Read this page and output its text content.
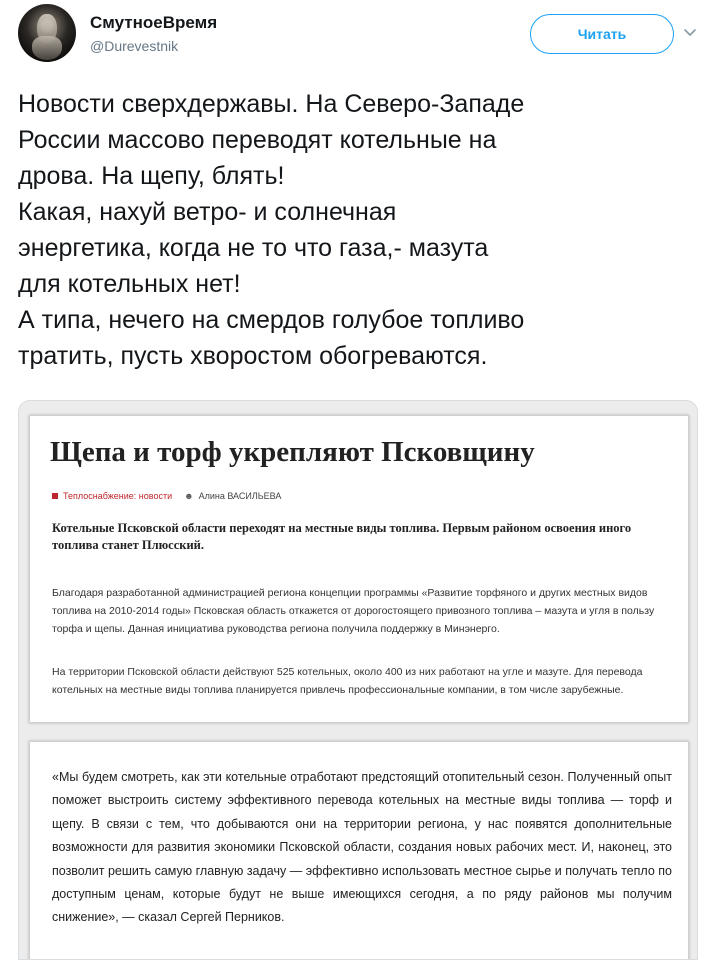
СмутноеВремя
@Durevestnik
Читать
Новости сверхдержавы. На Северо-Западе
России массово переводят котельные на
дрова. На щепу, блять!
Какая, нахуй ветро- и солнечная
энергетика, когда не то что газа,- мазута
для котельных нет!
А типа, нечего на смердов голубое топливо
тратить, пусть хворостом обогреваются.
Щепа и торф укрепляют Псковщину
Теплоснабжение: новости ☻ Алина ВАСИЛЬЕВА
Котельные Псковской области переходят на местные виды топлива. Первым районом освоения иного топлива станет Плюсский.
Благодаря разработанной администрацией региона концепции программы «Развитие торфяного и других местных видов топлива на 2010-2014 годы» Псковская область откажется от дорогостоящего привозного топлива – мазута и угля в пользу торфа и щепы. Данная инициатива руководства региона получила поддержку в Минэнерго.
На территории Псковской области действуют 525 котельных, около 400 из них работают на угле и мазуте. Для перевода котельных на местные виды топлива планируется привлечь профессиональные компании, в том числе зарубежные.
«Мы будем смотреть, как эти котельные отработают предстоящий отопительный сезон. Полученный опыт поможет выстроить систему эффективного перевода котельных на местные виды топлива — торф и щепу. В связи с тем, что добываются они на территории региона, у нас появятся дополнительные возможности для развития экономики Псковской области, создания новых рабочих мест. И, наконец, это позволит решить самую главную задачу — эффективно использовать местное сырье и получать тепло по доступным ценам, которые будут не выше имеющихся сегодня, а по ряду районов мы получим снижение», — сказал Сергей Перников.
